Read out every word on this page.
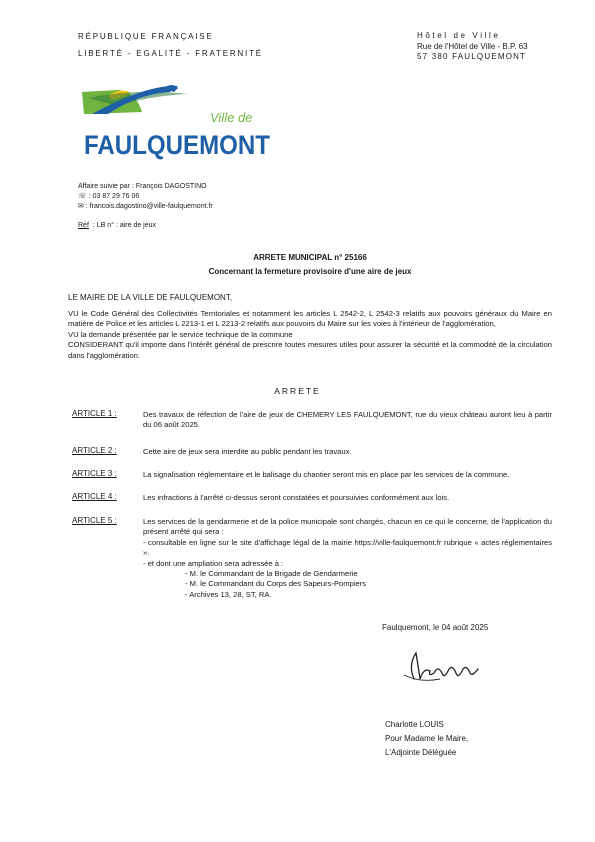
RÉPUBLIQUE FRANÇAISE
LIBERTÉ - EGALITÉ - FRATERNITÉ
Hôtel de Ville
Rue de l'Hôtel de Ville - B.P. 63
57 380 FAULQUEMONT
Ville de
FAULQUEMONT
Affaire suivie par : François DAGOSTINO
☏ : 03 87 29 76 06
✉ : francois.dagostino@ville-faulquemont.fr
Réf : LB n° : aire de jeux
ARRETE MUNICIPAL n° 25166
Concernant la fermeture provisoire d'une aire de jeux
LE MAIRE DE LA VILLE DE FAULQUEMONT,

VU le Code Général des Collectivités Territoriales et notamment les articles L 2542-2, L 2542-3 relatifs aux pouvoirs généraux du Maire en matière de Police et les articles L 2213-1 et L 2213-2 relatifs aux pouvoirs du Maire sur les voies à l'intérieur de l'agglomération,

VU la demande présentée par le service technique de la commune

CONSIDERANT qu'il importe dans l'intérêt général de prescrire toutes mesures utiles pour assurer la sécurité et la commodité de la circulation dans l'agglomération.

ARRETE
ARTICLE 1 :	Des travaux de réfection de l'aire de jeux de CHEMERY LES FAULQUEMONT, rue du vieux château auront lieu à partir du 06 août 2025.
ARTICLE 2 :	Cette aire de jeux sera interdite au public pendant les travaux.
ARTICLE 3 :	La signalisation réglementaire et le balisage du chantier seront mis en place par les services de la commune.
ARTICLE 4 :	Les infractions à l'arrêté ci-dessus seront constatées et poursuivies conformément aux lois.
ARTICLE 5 :	Les services de la gendarmerie et de la police municipale sont chargés, chacun en ce qui le concerne, de l'application du présent arrêté qui sera :

- consultable en ligne sur le site d'affichage légal de la mairie https://ville-faulquemont.fr rubrique « actes réglementaires ».

- et dont une ampliation sera adressée à :

- M. le Commandant de la Brigade de Gendarmerie

- M. le Commandant du Corps des Sapeurs-Pompiers

- Archives 13, 28, ST, RA.

Faulquemont, le 04 août 2025
Charlotte LOUIS
Pour Madame le Maire,
L'Adjointe Déléguée
